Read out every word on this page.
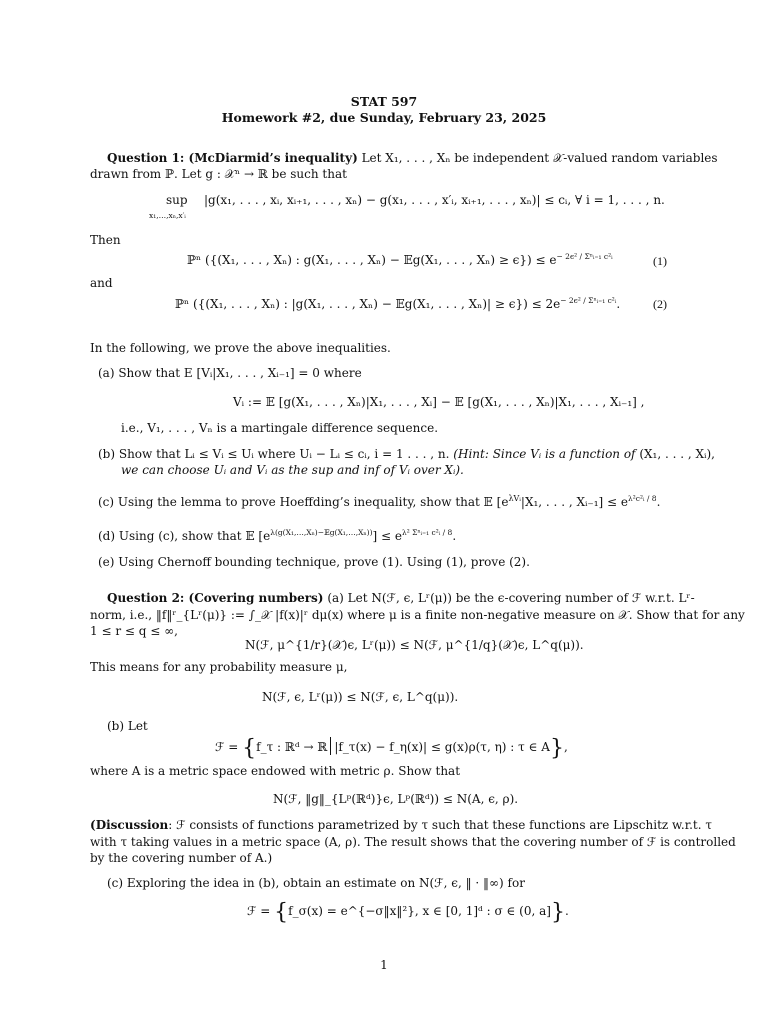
STAT 597
Homework #2, due Sunday, February 23, 2025
Question 1: (McDiarmid’s inequality) Let X₁, . . . , Xₙ be independent 𝒳-valued random variables
drawn from ℙ. Let g : 𝒳ⁿ → ℝ be such that
sup
x₁,…,xₙ,x′ᵢ
|g(x₁, . . . , xᵢ, xᵢ₊₁, . . . , xₙ) − g(x₁, . . . , x′ᵢ, xᵢ₊₁, . . . , xₙ)| ≤ cᵢ, ∀ i = 1, . . . , n.
Then
ℙⁿ ({(X₁, . . . , Xₙ) : g(X₁, . . . , Xₙ) − 𝔼g(X₁, . . . , $X_n) \ge \epsilon\}) \le e^{- 2\epsilon^2 / \Sigma^nᵢ_{=1} c^2ᵢ}$	(1)
and
ℙⁿ ({(X₁, . . . , Xₙ) : |g(X₁, . . . , Xₙ) − 𝔼g(X₁, . . . , $X_n)| \ge \epsilon\}) \le 2e^{- 2\epsilon^2 / \Sigma^nᵢ_{=1} c^2ᵢ}$.	(2)
In the following, we prove the above inequalities.
(a) Show that E [Vᵢ|X₁, . . . , Xᵢ₋₁] = 0 where
Vᵢ := 𝔼 [g(X₁, . . . , Xₙ)|X₁, . . . , Xᵢ] − 𝔼 [g(X₁, . . . , Xₙ)|X₁, . . . , Xᵢ₋₁] ,
i.e., V₁, . . . , Vₙ is a martingale difference sequence.
(b) Show that Lᵢ ≤ Vᵢ ≤ Uᵢ where Uᵢ − Lᵢ ≤ cᵢ, i = 1 . . . , n. (Hint: Since Vᵢ is a function of (X₁, . . . , Xᵢ),
we can choose Uᵢ and Vᵢ as the sup and inf of Vᵢ over Xᵢ).
(c) Using the lemma to prove Hoeffding’s inequality, show that 𝔼 [$e^{\lambda Vᵢ}|X_1$, . . . , Xᵢ₋₁] ≤ $e^{\lambda^2c^2ᵢ / 8}$.
(d) Using (c), show that 𝔼 $[e^{\lambda(g(X_1,\dots,X_n)-𝔼g(X_1,\dots,X_n))}] \le e^{\lambda^2 \Sigma^nᵢ_{=1} c^2ᵢ / 8}$.
(e) Using Chernoff bounding technique, prove (1). Using (1), prove (2).
Question 2: (Covering numbers) (a) Let N(ℱ, ϵ, Lʳ(μ)) be the ϵ-covering number of ℱ w.r.t. Lʳ-
norm, i.e., ‖f‖ʳ_{Lʳ(μ)} := ∫_𝒳 |f(x)|ʳ dμ(x) where μ is a finite non-negative measure on 𝒳. Show that for any
1 ≤ r ≤ q ≤ ∞,
N(ℱ, μ^{1/r}(𝒳)ϵ, Lʳ(μ)) ≤ N(ℱ, μ^{1/q}(𝒳)ϵ, L^q(μ)).
This means for any probability measure μ,
N(ℱ, ϵ, Lʳ(μ)) ≤ N(ℱ, ϵ, L^q(μ)).
(b) Let
ℱ = {f_τ : ℝᵈ → ℝ |f_τ(x) − f_η(x)| ≤ g(x)ρ(τ, η) : τ ∈ A},
where A is a metric space endowed with metric ρ. Show that
N(ℱ, ‖g‖_{Lᵖ(ℝᵈ)}ϵ, Lᵖ(ℝᵈ)) ≤ N(A, ϵ, ρ).
(Discussion: ℱ consists of functions parametrized by τ such that these functions are Lipschitz w.r.t. τ
with τ taking values in a metric space (A, ρ). The result shows that the covering number of ℱ is controlled
by the covering number of A.)
(c) Exploring the idea in (b), obtain an estimate on N(ℱ, ϵ, ‖ · ‖∞) for
ℱ = {f_σ(x) = e^{−σ‖x‖²}, x ∈ [0, 1]ᵈ : σ ∈ (0, a]}.
1
